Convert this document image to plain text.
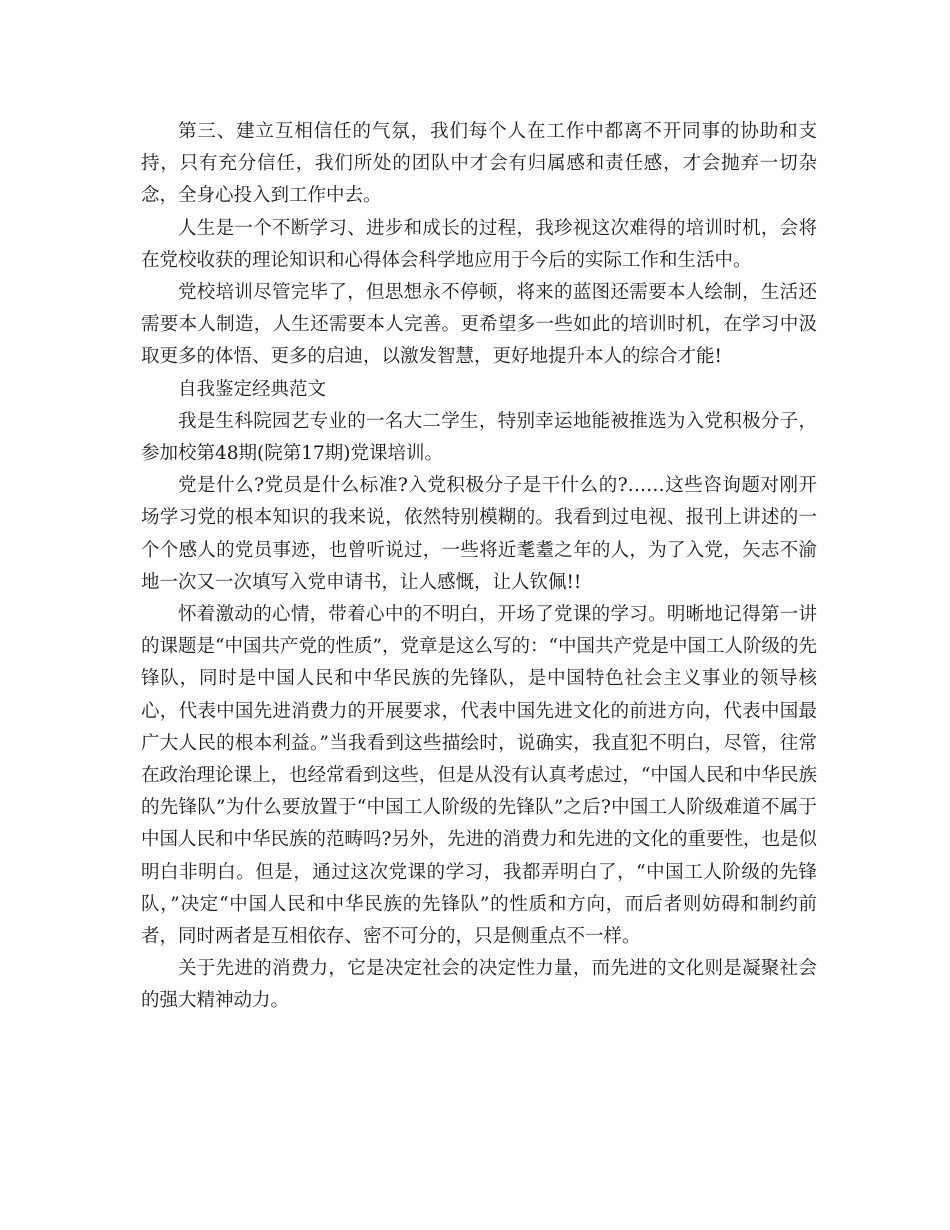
第三、建立互相信任的气氛，我们每个人在工作中都离不开同事的协助和支持，只有充分信任，我们所处的团队中才会有归属感和责任感，才会抛弃一切杂念，全身心投入到工作中去。

人生是一个不断学习、进步和成长的过程，我珍视这次难得的培训时机，会将在党校收获的理论知识和心得体会科学地应用于今后的实际工作和生活中。

党校培训尽管完毕了，但思想永不停顿，将来的蓝图还需要本人绘制，生活还需要本人制造，人生还需要本人完善。更希望多一些如此的培训时机，在学习中汲取更多的体悟、更多的启迪，以激发智慧，更好地提升本人的综合才能!

自我鉴定经典范文

我是生科院园艺专业的一名大二学生，特别幸运地能被推选为入党积极分子，参加校第48期(院第17期)党课培训。

党是什么?党员是什么标准?入党积极分子是干什么的?……这些咨询题对刚开场学习党的根本知识的我来说，依然特别模糊的。我看到过电视、报刊上讲述的一个个感人的党员事迹，也曾听说过，一些将近耄耋之年的人，为了入党，矢志不渝地一次又一次填写入党申请书，让人感慨，让人钦佩!!

怀着激动的心情，带着心中的不明白，开场了党课的学习。明晰地记得第一讲的课题是“中国共产党的性质”，党章是这么写的：“中国共产党是中国工人阶级的先锋队，同时是中国人民和中华民族的先锋队，是中国特色社会主义事业的领导核心，代表中国先进消费力的开展要求，代表中国先进文化的前进方向，代表中国最广大人民的根本利益。”当我看到这些描绘时，说确实，我直犯不明白，尽管，往常在政治理论课上，也经常看到这些，但是从没有认真考虑过，“中国人民和中华民族的先锋队”为什么要放置于“中国工人阶级的先锋队”之后?中国工人阶级难道不属于中国人民和中华民族的范畴吗?另外，先进的消费力和先进的文化的重要性，也是似明白非明白。但是，通过这次党课的学习，我都弄明白了，“中国工人阶级的先锋队，”决定“中国人民和中华民族的先锋队”的性质和方向，而后者则妨碍和制约前者，同时两者是互相依存、密不可分的，只是侧重点不一样。

关于先进的消费力，它是决定社会的决定性力量，而先进的文化则是凝聚社会的强大精神动力。
